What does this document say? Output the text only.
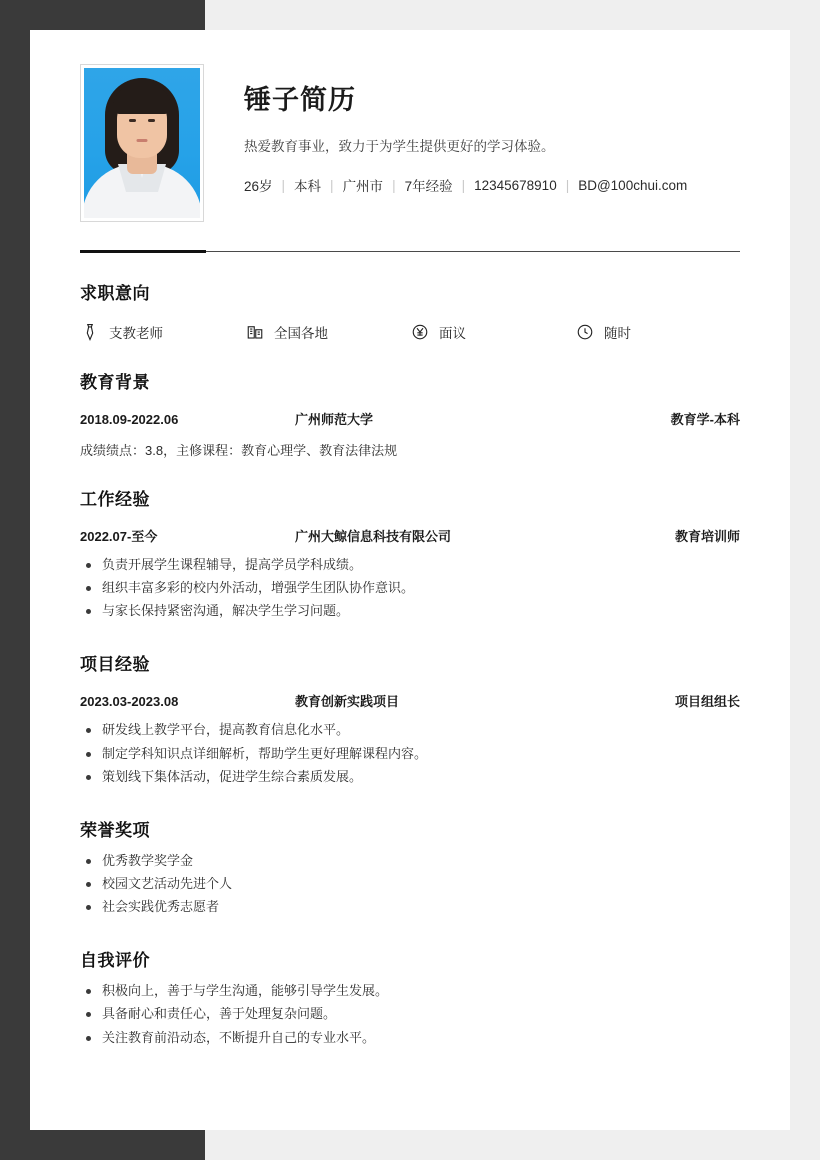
锤子简历
热爱教育事业，致力于为学生提供更好的学习体验。
26岁 | 本科 | 广州市 | 7年经验 | 12345678910 | BD@100chui.com
求职意向
支教老师	全国各地	面议	随时
教育背景
2018.09-2022.06	广州师范大学	教育学-本科
成绩绩点：3.8，主修课程：教育心理学、教育法律法规
工作经验
2022.07-至今	广州大鲸信息科技有限公司	教育培训师
负责开展学生课程辅导，提高学员学科成绩。
组织丰富多彩的校内外活动，增强学生团队协作意识。
与家长保持紧密沟通，解决学生学习问题。
项目经验
2023.03-2023.08	教育创新实践项目	项目组组长
研发线上教学平台，提高教育信息化水平。
制定学科知识点详细解析，帮助学生更好理解课程内容。
策划线下集体活动，促进学生综合素质发展。
荣誉奖项
优秀教学奖学金
校园文艺活动先进个人
社会实践优秀志愿者
自我评价
积极向上，善于与学生沟通，能够引导学生发展。
具备耐心和责任心，善于处理复杂问题。
关注教育前沿动态，不断提升自己的专业水平。
